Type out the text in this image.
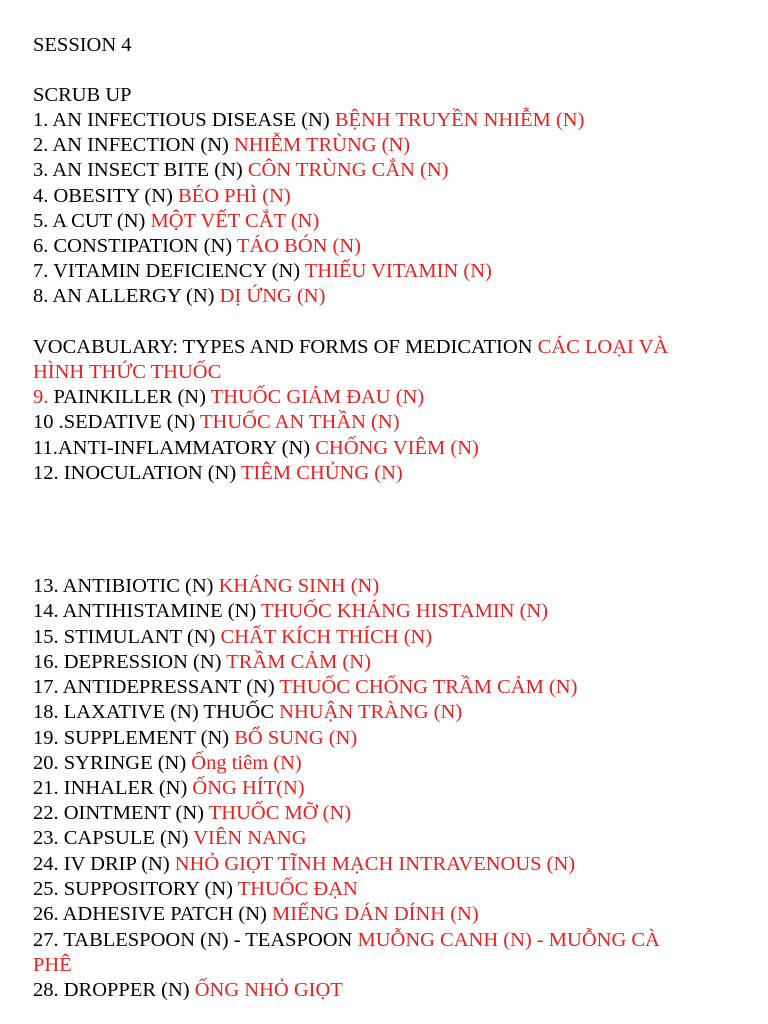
SESSION 4
SCRUB UP
1. AN INFECTIOUS DISEASE (N) BỆNH TRUYỀN NHIỄM (N)
2. AN INFECTION (N) NHIỄM TRÙNG (N)
3. AN INSECT BITE (N) CÔN TRÙNG CẮN (N)
4. OBESITY (N) BÉO PHÌ (N)
5. A CUT (N) MỘT VẾT CẮT (N)
6. CONSTIPATION (N) TÁO BÓN (N)
7. VITAMIN DEFICIENCY (N) THIẾU VITAMIN (N)
8. AN ALLERGY (N) DỊ ỨNG (N)
VOCABULARY: TYPES AND FORMS OF MEDICATION CÁC LOẠI VÀ
HÌNH THỨC THUỐC
9. PAINKILLER (N) THUỐC GIẢM ĐAU (N)
10 .SEDATIVE (N) THUỐC AN THẦN (N)
11.ANTI-INFLAMMATORY (N) CHỐNG VIÊM (N)
12. INOCULATION (N) TIÊM CHỦNG (N)
13. ANTIBIOTIC (N) KHÁNG SINH (N)
14. ANTIHISTAMINE (N) THUỐC KHÁNG HISTAMIN (N)
15. STIMULANT (N) CHẤT KÍCH THÍCH (N)
16. DEPRESSION (N) TRẦM CẢM (N)
17. ANTIDEPRESSANT (N) THUỐC CHỐNG TRẦM CẢM (N)
18. LAXATIVE (N) THUỐC NHUẬN TRÀNG (N)
19. SUPPLEMENT (N) BỔ SUNG (N)
20. SYRINGE (N) Ống tiêm (N)
21. INHALER (N) ỐNG HÍT(N)
22. OINTMENT (N) THUỐC MỠ (N)
23. CAPSULE (N) VIÊN NANG
24. IV DRIP (N) NHỎ GIỌT TĨNH MẠCH INTRAVENOUS (N)
25. SUPPOSITORY (N) THUỐC ĐẠN
26. ADHESIVE PATCH (N) MIẾNG DÁN DÍNH (N)
27. TABLESPOON (N) - TEASPOON MUỖNG CANH (N) - MUỖNG CÀ
PHÊ
28. DROPPER (N) ỐNG NHỎ GIỌT
